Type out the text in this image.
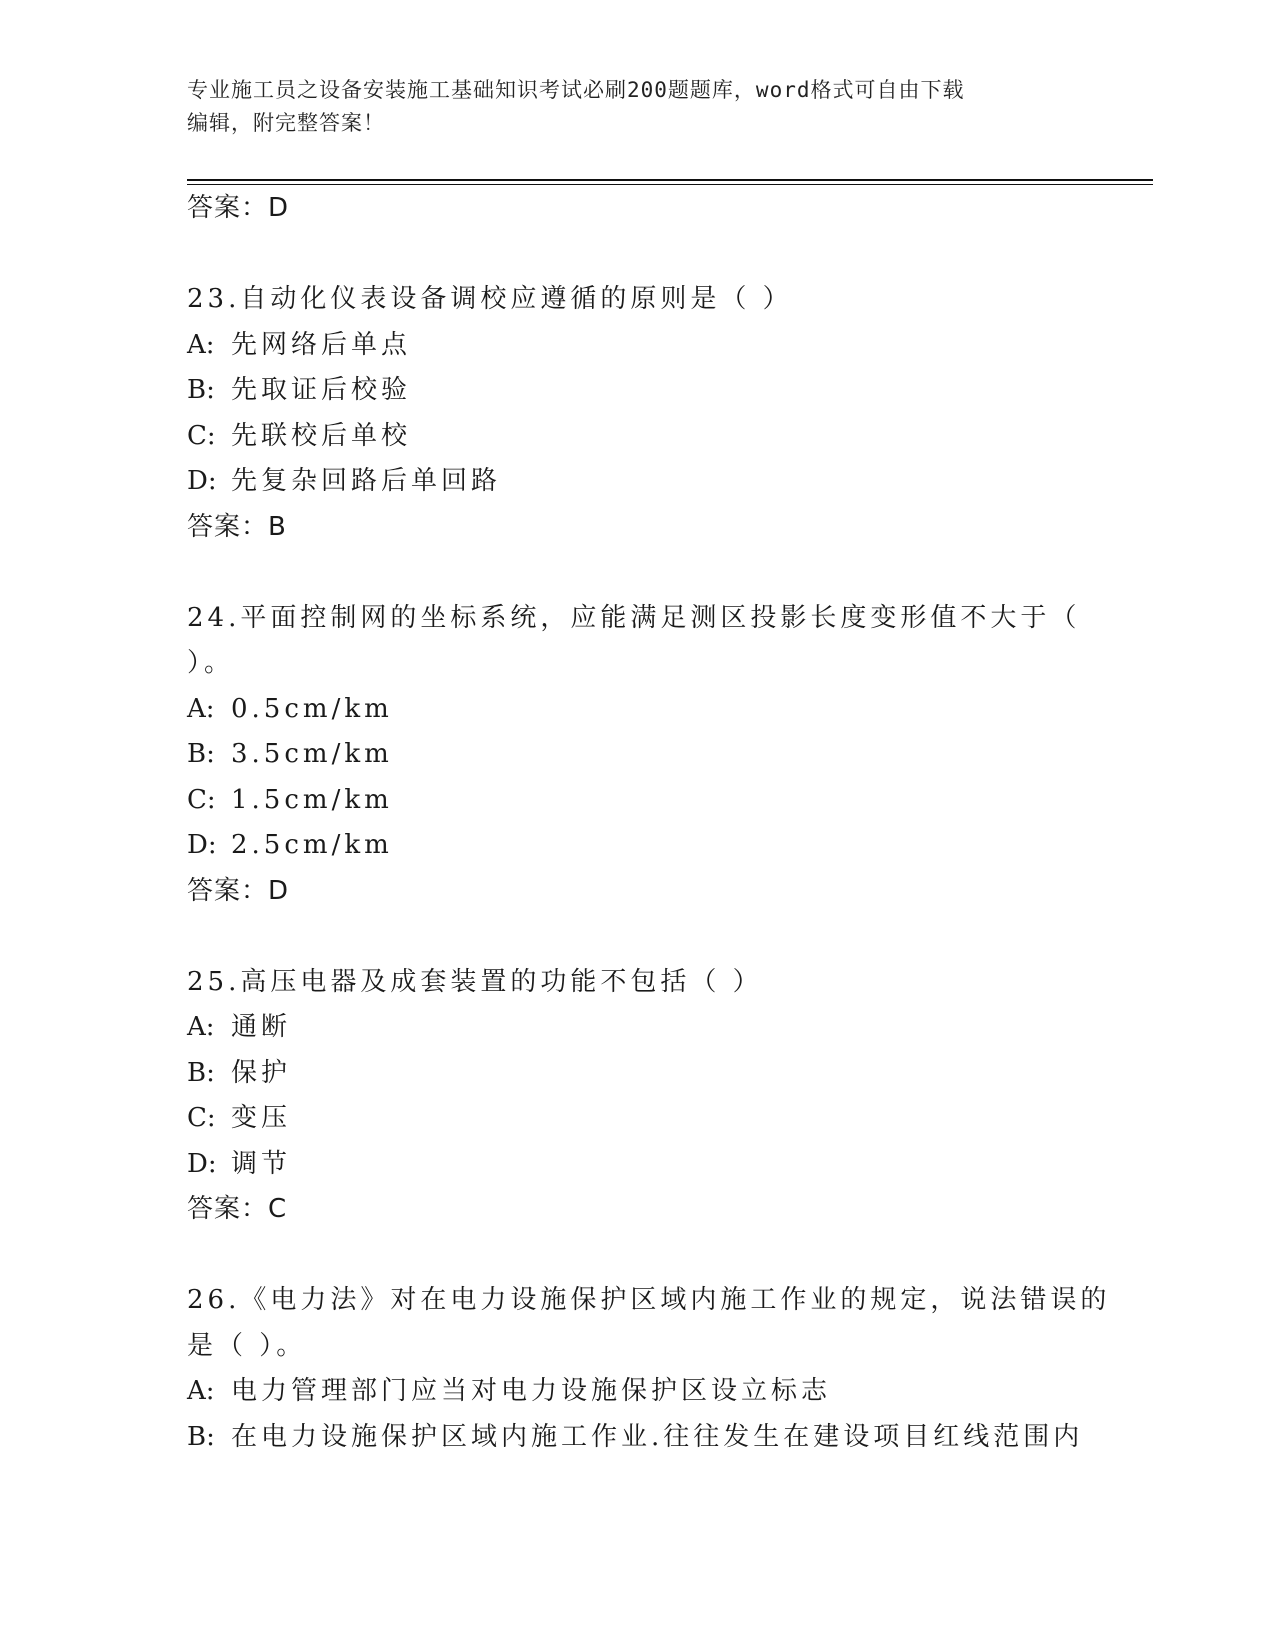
专业施工员之设备安装施工基础知识考试必刷200题题库，word格式可自由下载
编辑，附完整答案！
答案：D
23.自动化仪表设备调校应遵循的原则是（ ）
A: 先网络后单点
B: 先取证后校验
C: 先联校后单校
D: 先复杂回路后单回路
答案：B
24.平面控制网的坐标系统，应能满足测区投影长度变形值不大于（
）。
A: 0.5cm/km
B: 3.5cm/km
C: 1.5cm/km
D: 2.5cm/km
答案：D
25.高压电器及成套装置的功能不包括（ ）
A: 通断
B: 保护
C: 变压
D: 调节
答案：C
26.《电力法》对在电力设施保护区域内施工作业的规定，说法错误的
是（ ）。
A: 电力管理部门应当对电力设施保护区设立标志
B: 在电力设施保护区域内施工作业.往往发生在建设项目红线范围内
